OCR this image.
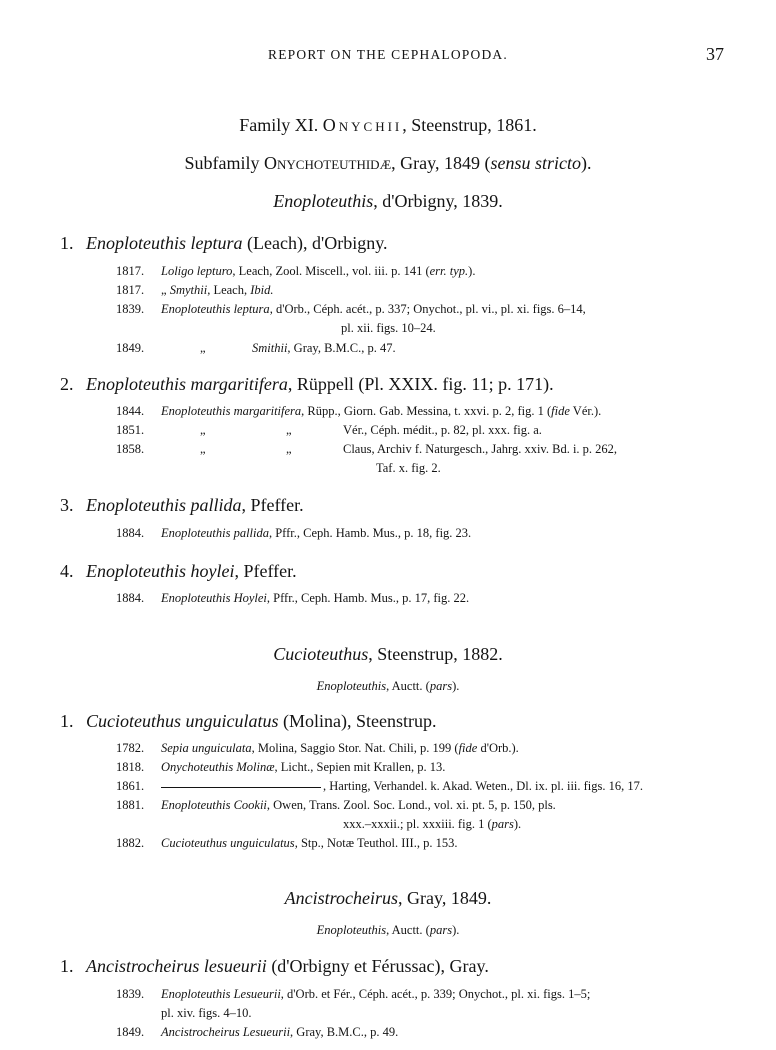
REPORT ON THE CEPHALOPODA.	37
Family XI. Onychii, Steenstrup, 1861.
Subfamily Onychoteuthidæ, Gray, 1849 (sensu stricto).
Enoploteuthis, d'Orbigny, 1839.
1. Enoploteuthis leptura (Leach), d'Orbigny.
1817. Loligo lepturo, Leach, Zool. Miscell., vol. iii. p. 141 (err. typ.).
1817. „ Smythii, Leach, Ibid.
1839. Enoploteuthis leptura, d'Orb., Céph. acét., p. 337; Onychot., pl. vi., pl. xi. figs. 6–14,
pl. xii. figs. 10–24.
1849.	„	Smithii, Gray, B.M.C., p. 47.
2. Enoploteuthis margaritifera, Rüppell (Pl. XXIX. fig. 11; p. 171).
1844. Enoploteuthis margaritifera, Rüpp., Giorn. Gab. Messina, t. xxvi. p. 2, fig. 1 (fide Vér.).
1851.	„	„	Vér., Céph. médit., p. 82, pl. xxx. fig. a.
1858.	„	„	Claus, Archiv f. Naturgesch., Jahrg. xxiv. Bd. i. p. 262,
Taf. x. fig. 2.
3. Enoploteuthis pallida, Pfeffer.
1884. Enoploteuthis pallida, Pffr., Ceph. Hamb. Mus., p. 18, fig. 23.
4. Enoploteuthis hoylei, Pfeffer.
1884. Enoploteuthis Hoylei, Pffr., Ceph. Hamb. Mus., p. 17, fig. 22.
Cucioteuthus, Steenstrup, 1882.
Enoploteuthis, Auctt. (pars).
1. Cucioteuthus unguiculatus (Molina), Steenstrup.
1782. Sepia unguiculata, Molina, Saggio Stor. Nat. Chili, p. 199 (fide d'Orb.).
1818. Onychoteuthis Molinæ, Licht., Sepien mit Krallen, p. 13.
1861.	, Harting, Verhandel. k. Akad. Weten., Dl. ix. pl. iii. figs. 16, 17.
1881. Enoploteuthis Cookii, Owen, Trans. Zool. Soc. Lond., vol. xi. pt. 5, p. 150, pls.
xxx.–xxxii.; pl. xxxiii. fig. 1 (pars).
1882. Cucioteuthus unguiculatus, Stp., Notæ Teuthol. III., p. 153.
Ancistrocheirus, Gray, 1849.
Enoploteuthis, Auctt. (pars).
1. Ancistrocheirus lesueurii (d'Orbigny et Férussac), Gray.
1839. Enoploteuthis Lesueurii, d'Orb. et Fér., Céph. acét., p. 339; Onychot., pl. xi. figs. 1–5;
pl. xiv. figs. 4–10.
1849. Ancistrocheirus Lesueurii, Gray, B.M.C., p. 49.
